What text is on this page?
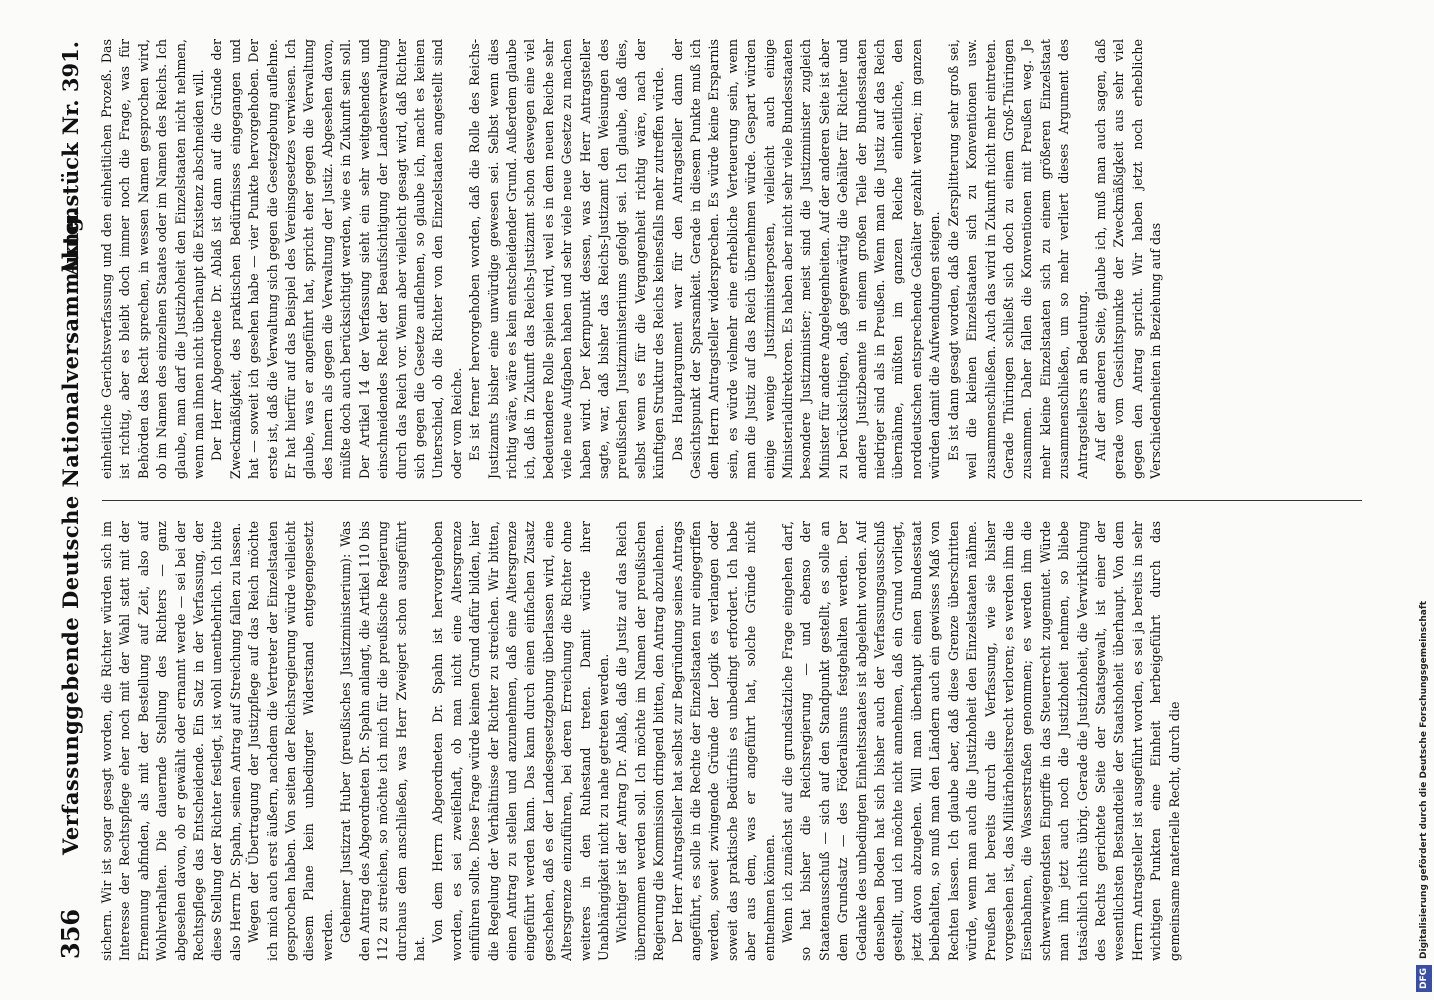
356
Verfassunggebende Deutsche Nationalversammlung.
Aktenstück Nr. 391.

sichern. Wir ist sogar gesagt worden, die Richter würden sich im Interesse der Rechtspflege eher noch mit der Wahl statt mit der Ernennung abfinden, als mit der Bestellung auf Zeit, also auf Wohlverhalten. Die dauernde Stellung des Richters — ganz abgesehen davon, ob er gewählt oder ernannt werde — sei bei der Rechtspflege das Entscheidende. Ein Satz in der Verfassung, der diese Stellung der Richter festlegt, ist wohl unentbehrlich. Ich bitte also Herrn Dr. Spahn, seinen Antrag auf Streichung fallen zu lassen. Wegen der Übertragung der Justizpflege auf das Reich möchte ich mich auch erst äußern, nachdem die Vertreter der Einzelstaaten gesprochen haben. Von seiten der Reichsregierung würde vielleicht diesem Plane kein unbedingter Widerstand entgegengesetzt werden. Geheimer Justizrat Huber (preußisches Justizministerium): Was den Antrag des Abgeordneten Dr. Spahn anlangt, die Artikel 110 bis 112 zu streichen, so möchte ich mich für die preußische Regierung durchaus dem anschließen, was Herr Zweigert schon ausgeführt hat.

Von dem Herrn Abgeordneten Dr. Spahn ist hervorgehoben worden, es sei zweifelhaft, ob man nicht eine Altersgrenze einführen sollte. Diese Frage würde keinen Grund dafür bilden, hier die Regelung der Verhältnisse der Richter zu streichen. Wir bitten, einen Antrag zu stellen und anzunehmen, daß eine Altersgrenze eingeführt werden kann. Das kann durch einen einfachen Zusatz geschehen, daß es der Landesgesetzgebung überlassen wird, eine Altersgrenze einzuführen, bei deren Erreichung die Richter ohne weiteres in den Ruhestand treten. Damit würde ihrer Unabhängigkeit nicht zu nahe getreten werden. Wichtiger ist der Antrag Dr. Ablaß, daß die Justiz auf das Reich übernommen werden soll. Ich möchte im Namen der preußischen Regierung die Kommission dringend bitten, den Antrag abzulehnen. Der Herr Antragsteller hat selbst zur Begründung seines Antrags angeführt, es solle in die Rechte der Einzelstaaten nur eingegriffen werden, soweit zwingende Gründe der Logik es verlangen oder soweit das praktische Bedürfnis es unbedingt erfordert. Ich habe aber aus dem, was er angeführt hat, solche Gründe nicht entnehmen können. Wenn ich zunächst auf die grundsätzliche Frage eingehen darf, so hat bisher die Reichsregierung — und ebenso der Staatenausschuß — sich auf den Standpunkt gestellt, es solle an dem Grundsatz — des Föderalismus festgehalten werden. Der Gedanke des unbedingten Einheitsstaates ist abgelehnt worden. Auf denselben Boden hat sich bisher auch der Verfassungsausschuß gestellt, und ich möchte nicht annehmen, daß ein Grund vorliegt, jetzt davon abzugehen. Will man überhaupt einen Bundesstaat beibehalten, so muß man den Ländern auch ein gewisses Maß von Rechten lassen. Ich glaube aber, daß diese Grenze überschritten würde, wenn man auch die Justizhoheit den Einzelstaaten nähme. Preußen hat bereits durch die Verfassung, wie sie bisher vorgesehen ist, das Militärhoheitsrecht verloren; es werden ihm die Eisenbahnen, die Wasserstraßen genommen; es werden ihm die schwerwiegendsten Eingriffe in das Steuerrecht zugemutet. Würde man ihm jetzt auch noch die Justizhoheit nehmen, so bliebe tatsächlich nichts übrig. Gerade die Justizhoheit, die Verwirklichung des Rechts gerichtete Seite der Staatsgewalt, ist einer der wesentlichsten Bestandteile der Staatshoheit überhaupt. Von dem Herrn Antragsteller ist ausgeführt worden, es sei ja bereits in sehr wichtigen Punkten eine Einheit herbeigeführt durch das gemeinsame materielle Recht, durch die

einheitliche Gerichtsverfassung und den einheitlichen Prozeß. Das ist richtig, aber es bleibt doch immer noch die Frage, was für Behörden das Recht sprechen, in wessen Namen gesprochen wird, ob im Namen des einzelnen Staates oder im Namen des Reichs. Ich glaube, man darf die Justizhoheit den Einzelstaaten nicht nehmen, wenn man ihnen nicht überhaupt die Existenz abschneiden will. Der Herr Abgeordnete Dr. Ablaß ist dann auf die Gründe der Zweckmäßigkeit, des praktischen Bedürfnisses eingegangen und hat — soweit ich gesehen habe — vier Punkte hervorgehoben. Der erste ist, daß die Verwaltung sich gegen die Gesetzgebung auflehne. Er hat hierfür auf das Beispiel des Vereinsgesetzes verwiesen. Ich glaube, was er angeführt hat, spricht eher gegen die Verwaltung des Innern als gegen die Verwaltung der Justiz. Abgesehen davon, müßte doch auch berücksichtigt werden, wie es in Zukunft sein soll. Der Artikel 14 der Verfassung sieht ein sehr weitgehendes und einschneidendes Recht der Beaufsichtigung der Landesverwaltung durch das Reich vor. Wenn aber vielleicht gesagt wird, daß Richter sich gegen die Gesetze auflehnen, so glaube ich, macht es keinen Unterschied, ob die Richter von den Einzelstaaten angestellt sind oder vom Reiche. Es ist ferner hervorgehoben worden, daß die Rolle des Reichs-Justizamts bisher eine unwürdige gewesen sei. Selbst wenn dies richtig wäre, wäre es kein entscheidender Grund. Außerdem glaube ich, daß in Zukunft das Reichs-Justizamt schon deswegen eine viel bedeutendere Rolle spielen wird, weil es in dem neuen Reiche sehr viele neue Aufgaben haben und sehr viele neue Gesetze zu machen haben wird. Der Kernpunkt dessen, was der Herr Antragsteller sagte, war, daß bisher das Reichs-Justizamt den Weisungen des preußischen Justizministeriums gefolgt sei. Ich glaube, daß dies, selbst wenn es für die Vergangenheit richtig wäre, nach der künftigen Struktur des Reichs keinesfalls mehr zutreffen würde. Das Hauptargument war für den Antragsteller dann der Gesichtspunkt der Sparsamkeit. Gerade in diesem Punkte muß ich dem Herrn Antragsteller widersprechen. Es würde keine Ersparnis sein, es würde vielmehr eine erhebliche Verteuerung sein, wenn man die Justiz auf das Reich übernehmen würde. Gespart würden einige wenige Justizministerposten, vielleicht auch einige Ministerialdirektoren. Es haben aber nicht sehr viele Bundesstaaten besondere Justizminister; meist sind die Justizminister zugleich Minister für andere Angelegenheiten. Auf der anderen Seite ist aber zu berücksichtigen, daß gegenwärtig die Gehälter für Richter und andere Justizbeamte in einem großen Teile der Bundesstaaten niedriger sind als in Preußen. Wenn man die Justiz auf das Reich übernähme, müßten im ganzen Reiche einheitliche, den norddeutschen entsprechende Gehälter gezahlt werden; im ganzen würden damit die Aufwendungen steigen. Es ist dann gesagt worden, daß die Zersplitterung sehr groß sei, weil die kleinen Einzelstaaten sich zu Konventionen usw. zusammenschließen. Auch das wird in Zukunft nicht mehr eintreten. Gerade Thüringen schließt sich doch zu einem Groß-Thüringen zusammen. Daher fallen die Konventionen mit Preußen weg. Je mehr kleine Einzelstaaten sich zu einem größeren Einzelstaat zusammenschließen, um so mehr verliert dieses Argument des Antragstellers an Bedeutung. Auf der anderen Seite, glaube ich, muß man auch sagen, daß gerade vom Gesichtspunkte der Zweckmäßigkeit aus sehr viel gegen den Antrag spricht. Wir haben jetzt noch erhebliche Verschiedenheiten in Beziehung auf das

DFGDigitalisierung gefördert durch die Deutsche Forschungsgemeinschaft
